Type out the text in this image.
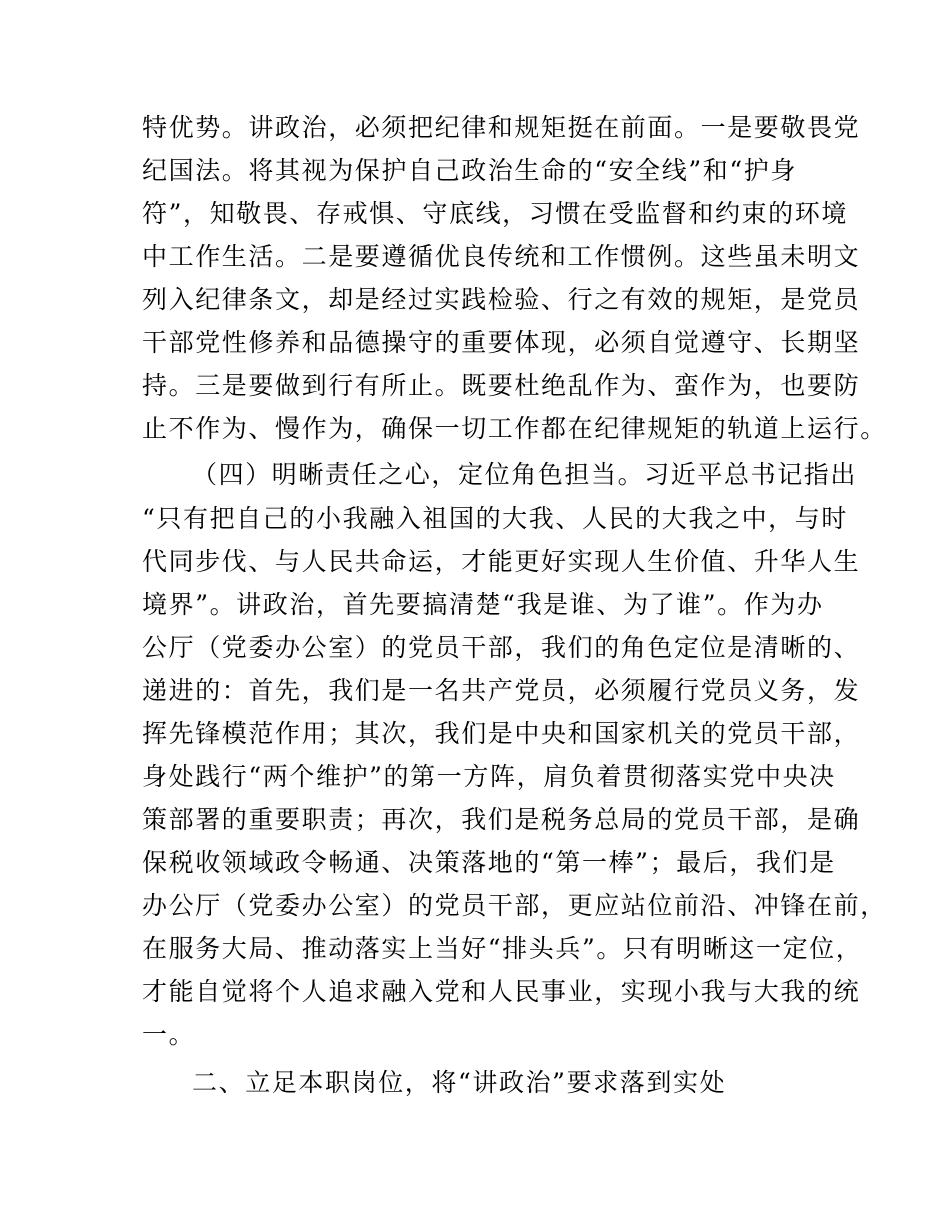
特优势。讲政治，必须把纪律和规矩挺在前面。一是要敬畏党
纪国法。将其视为保护自己政治生命的“安全线”和“护身
符”，知敬畏、存戒惧、守底线，习惯在受监督和约束的环境
中工作生活。二是要遵循优良传统和工作惯例。这些虽未明文
列入纪律条文，却是经过实践检验、行之有效的规矩，是党员
干部党性修养和品德操守的重要体现，必须自觉遵守、长期坚
持。三是要做到行有所止。既要杜绝乱作为、蛮作为，也要防
止不作为、慢作为，确保一切工作都在纪律规矩的轨道上运行。
（四）明晰责任之心，定位角色担当。习近平总书记指出
“只有把自己的小我融入祖国的大我、人民的大我之中，与时
代同步伐、与人民共命运，才能更好实现人生价值、升华人生
境界”。讲政治，首先要搞清楚“我是谁、为了谁”。作为办
公厅（党委办公室）的党员干部，我们的角色定位是清晰的、
递进的：首先，我们是一名共产党员，必须履行党员义务，发
挥先锋模范作用；其次，我们是中央和国家机关的党员干部，
身处践行“两个维护”的第一方阵，肩负着贯彻落实党中央决
策部署的重要职责；再次，我们是税务总局的党员干部，是确
保税收领域政令畅通、决策落地的“第一棒”；最后，我们是
办公厅（党委办公室）的党员干部，更应站位前沿、冲锋在前，
在服务大局、推动落实上当好“排头兵”。只有明晰这一定位，
才能自觉将个人追求融入党和人民事业，实现小我与大我的统
一。
二、立足本职岗位，将“讲政治”要求落到实处
